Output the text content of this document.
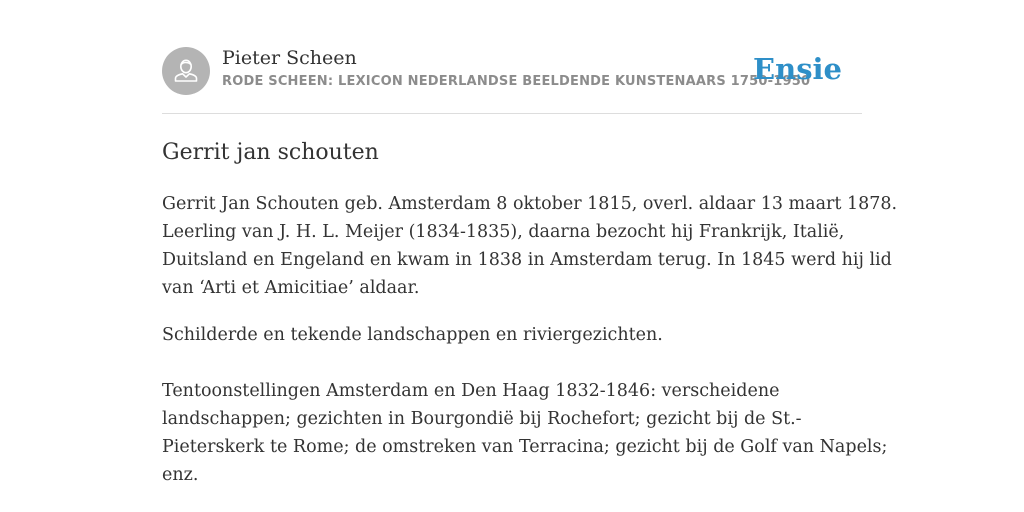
Pieter Scheen
RODE SCHEEN: LEXICON NEDERLANDSE BEELDENDE KUNSTENAARS 1750-1950
Ensie
Gerrit jan schouten

Gerrit Jan Schouten geb. Amsterdam 8 oktober 1815, overl. aldaar 13 maart 1878.
Leerling van J. H. L. Meijer (1834-1835), daarna bezocht hij Frankrijk, Italië,
Duitsland en Engeland en kwam in 1838 in Amsterdam terug. In 1845 werd hij lid
van ‘Arti et Amicitiae’ aldaar.

Schilderde en tekende landschappen en riviergezichten.

Tentoonstellingen Amsterdam en Den Haag 1832-1846: verscheidene
landschappen; gezichten in Bourgondië bij Rochefort; gezicht bij de St.-
Pieterskerk te Rome; de omstreken van Terracina; gezicht bij de Golf van Napels;
enz.
